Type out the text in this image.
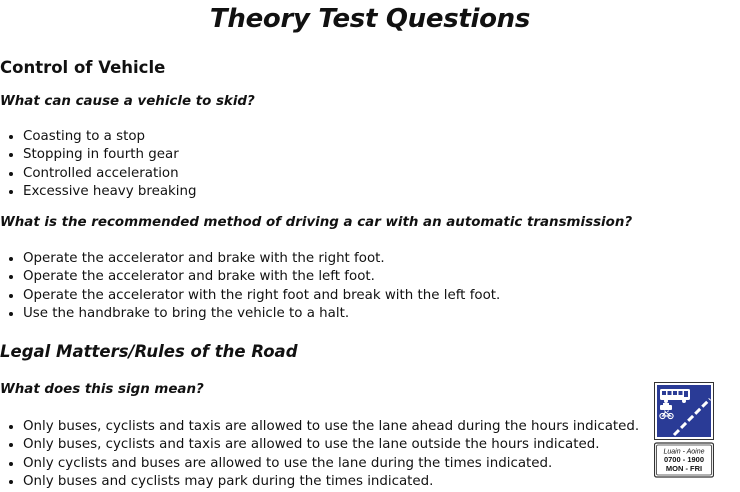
Theory Test Questions
Control of Vehicle

What can cause a vehicle to skid?

• Coasting to a stop
• Stopping in fourth gear
• Controlled acceleration
• Excessive heavy breaking

What is the recommended method of driving a car with an automatic transmission?

• Operate the accelerator and brake with the right foot.
• Operate the accelerator and brake with the left foot.
• Operate the accelerator with the right foot and break with the left foot.
• Use the handbrake to bring the vehicle to a halt.
Legal Matters/Rules of the Road

What does this sign mean?

• Only buses, cyclists and taxis are allowed to use the lane ahead during the hours indicated.
• Only buses, cyclists and taxis are allowed to use the lane outside the hours indicated.
• Only cyclists and buses are allowed to use the lane during the times indicated.
• Only buses and cyclists may park during the times indicated.
Luain - Aoine
0700 - 1900
MON - FRI
